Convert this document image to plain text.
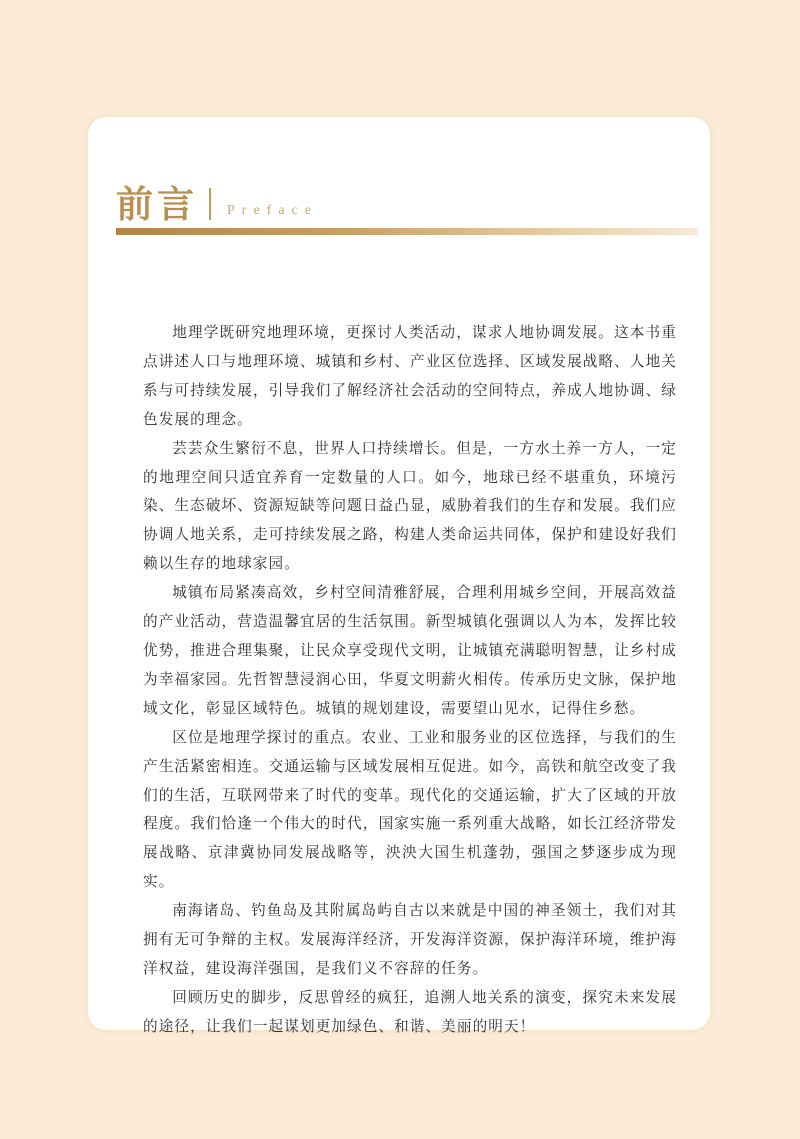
前言 Preface

地理学既研究地理环境，更探讨人类活动，谋求人地协调发展。这本书重点讲述人口与地理环境、城镇和乡村、产业区位选择、区域发展战略、人地关系与可持续发展，引导我们了解经济社会活动的空间特点，养成人地协调、绿色发展的理念。

芸芸众生繁衍不息，世界人口持续增长。但是，一方水土养一方人，一定的地理空间只适宜养育一定数量的人口。如今，地球已经不堪重负，环境污染、生态破坏、资源短缺等问题日益凸显，威胁着我们的生存和发展。我们应协调人地关系，走可持续发展之路，构建人类命运共同体，保护和建设好我们赖以生存的地球家园。

城镇布局紧凑高效，乡村空间清雅舒展，合理利用城乡空间，开展高效益的产业活动，营造温馨宜居的生活氛围。新型城镇化强调以人为本，发挥比较优势，推进合理集聚，让民众享受现代文明，让城镇充满聪明智慧，让乡村成为幸福家园。先哲智慧浸润心田，华夏文明薪火相传。传承历史文脉，保护地域文化，彰显区域特色。城镇的规划建设，需要望山见水，记得住乡愁。

区位是地理学探讨的重点。农业、工业和服务业的区位选择，与我们的生产生活紧密相连。交通运输与区域发展相互促进。如今，高铁和航空改变了我们的生活，互联网带来了时代的变革。现代化的交通运输，扩大了区域的开放程度。我们恰逢一个伟大的时代，国家实施一系列重大战略，如长江经济带发展战略、京津冀协同发展战略等，泱泱大国生机蓬勃，强国之梦逐步成为现实。

南海诸岛、钓鱼岛及其附属岛屿自古以来就是中国的神圣领土，我们对其拥有无可争辩的主权。发展海洋经济，开发海洋资源，保护海洋环境，维护海洋权益，建设海洋强国，是我们义不容辞的任务。

回顾历史的脚步，反思曾经的疯狂，追溯人地关系的演变，探究未来发展的途径，让我们一起谋划更加绿色、和谐、美丽的明天！
